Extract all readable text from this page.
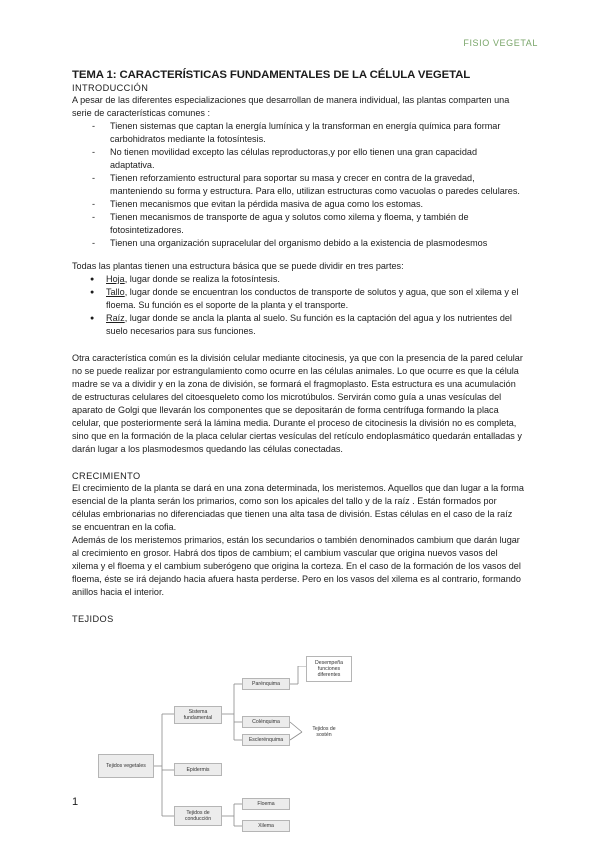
FISIO VEGETAL
TEMA 1: CARACTERÍSTICAS FUNDAMENTALES DE LA CÉLULA VEGETAL
INTRODUCCIÓN

A pesar de las diferentes especializaciones que desarrollan de manera individual, las plantas comparten una serie de características comunes :

- Tienen sistemas que captan la energía lumínica y la transforman en energía química para formar carbohidratos mediante la fotosíntesis.
- No tienen movilidad excepto las células reproductoras,y por ello tienen una gran capacidad adaptativa.
- Tienen reforzamiento estructural para soportar su masa y crecer en contra de la gravedad, manteniendo su forma y estructura. Para ello, utilizan estructuras como vacuolas o paredes celulares.
- Tienen mecanismos que evitan la pérdida masiva de agua como los estomas.
- Tienen mecanismos de transporte de agua y solutos como xilema y floema, y también de fotosintetizadores.
- Tienen una organización supracelular del organismo debido a la existencia de plasmodesmos

Todas las plantas tienen una estructura básica que se puede dividir en tres partes:

● Hoja, lugar donde se realiza la fotosíntesis.
● Tallo, lugar donde se encuentran los conductos de transporte de solutos y agua, que son el xilema y el floema. Su función es el soporte de la planta y el transporte.
● Raíz, lugar donde se ancla la planta al suelo. Su función es la captación del agua y los nutrientes del suelo necesarios para sus funciones.

Otra característica común es la división celular mediante citocinesis, ya que con la presencia de la pared celular no se puede realizar por estrangulamiento como ocurre en las células animales. Lo que ocurre es que la célula madre se va a dividir y en la zona de división, se formará el fragmoplasto. Esta estructura es una acumulación de estructuras celulares del citoesqueleto como los microtúbulos. Servirán como guía a unas vesículas del aparato de Golgi que llevarán los componentes que se depositarán de forma centrífuga formando la placa celular, que posteriormente será la lámina media. Durante el proceso de citocinesis la división no es completa, sino que en la formación de la placa celular ciertas vesículas del retículo endoplasmático quedarán entalladas y darán lugar a los plasmodesmos quedando las células conectadas.

CRECIMIENTO

El crecimiento de la planta se dará en una zona determinada, los meristemos. Aquellos que dan lugar a la forma esencial de la planta serán los primarios, como son los apicales del tallo y de la raíz . Están formados por células embrionarias no diferenciadas que tienen una alta tasa de división. Estas células en el caso de la raíz se encuentran en la cofia.

Además de los meristemos primarios, están los secundarios o también denominados cambium que darán lugar al crecimiento en grosor. Habrá dos tipos de cambium; el cambium vascular que origina nuevos vasos del xilema y el floema y el cambium suberógeno que origina la corteza. En el caso de la formación de los vasos del floema, éste se irá dejando hacia afuera hasta perderse. Pero en los vasos del xilema es al contrario, formando anillos hacia el interior.

TEJIDOS
Tejidos vegetales
Sistema fundamental
Epidermis
Tejidos de conducción
Parénquima
Colénquima
Esclerénquima
Floema
Xilema
Desempeña funciones diferentes
Tejidos de sostén
1
